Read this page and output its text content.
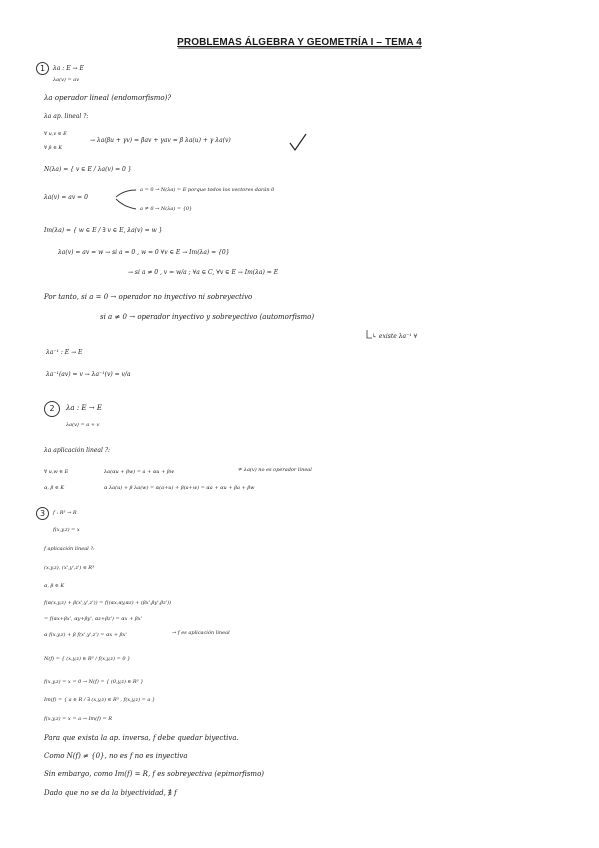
PROBLEMAS ÁLGEBRA Y GEOMETRÍA I – TEMA 4
1	λa : E → E
λa(v) = av
λa operador lineal (endomorfismo)?
λa ap. lineal ?:
∀ u,v ∈ E
∀ β ∈ K
→ λa(βu + γv) = βav + γav = β λa(u) + γ λa(v)
N(λa) = { v ∈ E / λa(v) = 0 }
λa(v) = av = 0
a = 0 → N(λa) = E porque todos los vectores darán 0
a ≠ 0 → N(λa) = {0}
Im(λa) = { w ∈ E / ∃ v ∈ E, λa(v) = w }
λa(v) = av = w → si a = 0 , w = 0 ∀v ∈ E → Im(λa) = {0}
→ si a ≠ 0 , v = w/a ; ∀a ∈ C, ∀v ∈ E → Im(λa) = E
Por tanto, si a = 0 → operador no inyectivo ni sobreyectivo
si a ≠ 0 → operador inyectivo y sobreyectivo (automorfismo)
↳ existe λa⁻¹ ∀
λa⁻¹ : E → E
λa⁻¹(av) = v → λa⁻¹(v) = v/a
2	λa : E → E
λa(v) = a + v
λa aplicación lineal ?:
∀ u,w ∈ E	λa(αu + βw) = a + αu + βw	≠ λa(v) no es operador lineal
α, β ∈ K	α λa(u) + β λa(w) = α(a+u) + β(a+w) = αa + αu + βa + βw
3	f : R³ → R
f(x,y,z) = x
f aplicación lineal ?:
(x,y,z), (x',y',z') ∈ R³
α, β ∈ K
f(α(x,y,z) + β(x',y',z')) = f((αx,αy,αz) + (βx',βy',βz'))
= f(αx+βx', αy+βy', αz+βz') = αx + βx'
α f(x,y,z) + β f(x',y',z') = αx + βx'	→ f es aplicación lineal
N(f) = { (x,y,z) ∈ R³ / f(x,y,z) = 0 }
f(x,y,z) = x = 0 → N(f) = { (0,y,z) ∈ R³ }
Im(f) = { a ∈ R / ∃ (x,y,z) ∈ R³ , f(x,y,z) = a }
f(x,y,z) = x = a → Im(f) = R
Para que exista la ap. inversa, f debe quedar biyectiva.
Como N(f) ≠ {0}, no es f no es inyectiva
Sin embargo, como Im(f) = R, f es sobreyectiva (epimorfismo)
Dado que no se da la biyectividad, ∄ f
